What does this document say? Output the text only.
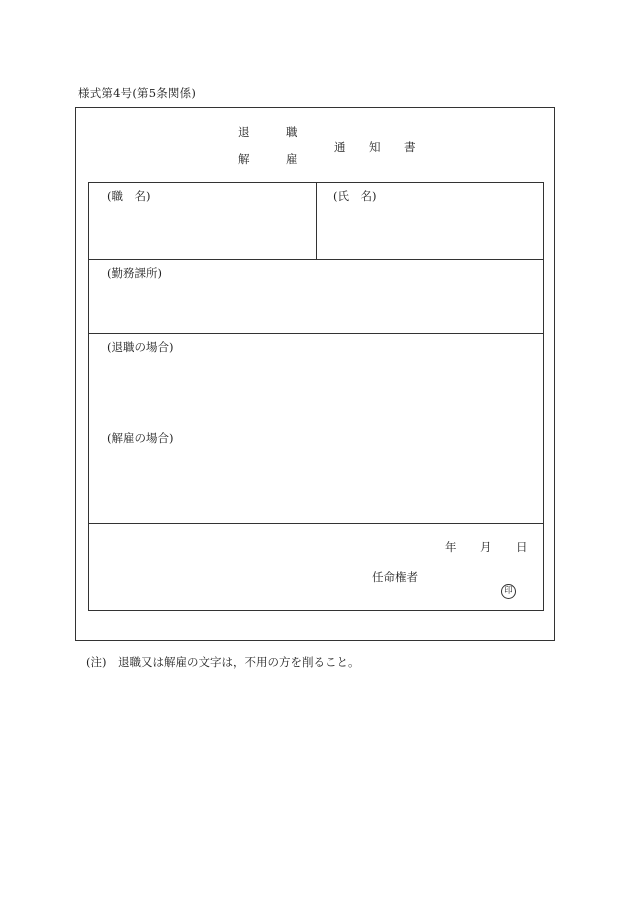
様式第4号(第5条関係)
退	職
解	雇
通 知 書
(職　名)	(氏　名)
(勤務課所)
(退職の場合)
(解雇の場合)
年 月 日
任命権者
印
(注)　退職又は解雇の文字は，不用の方を削ること。
